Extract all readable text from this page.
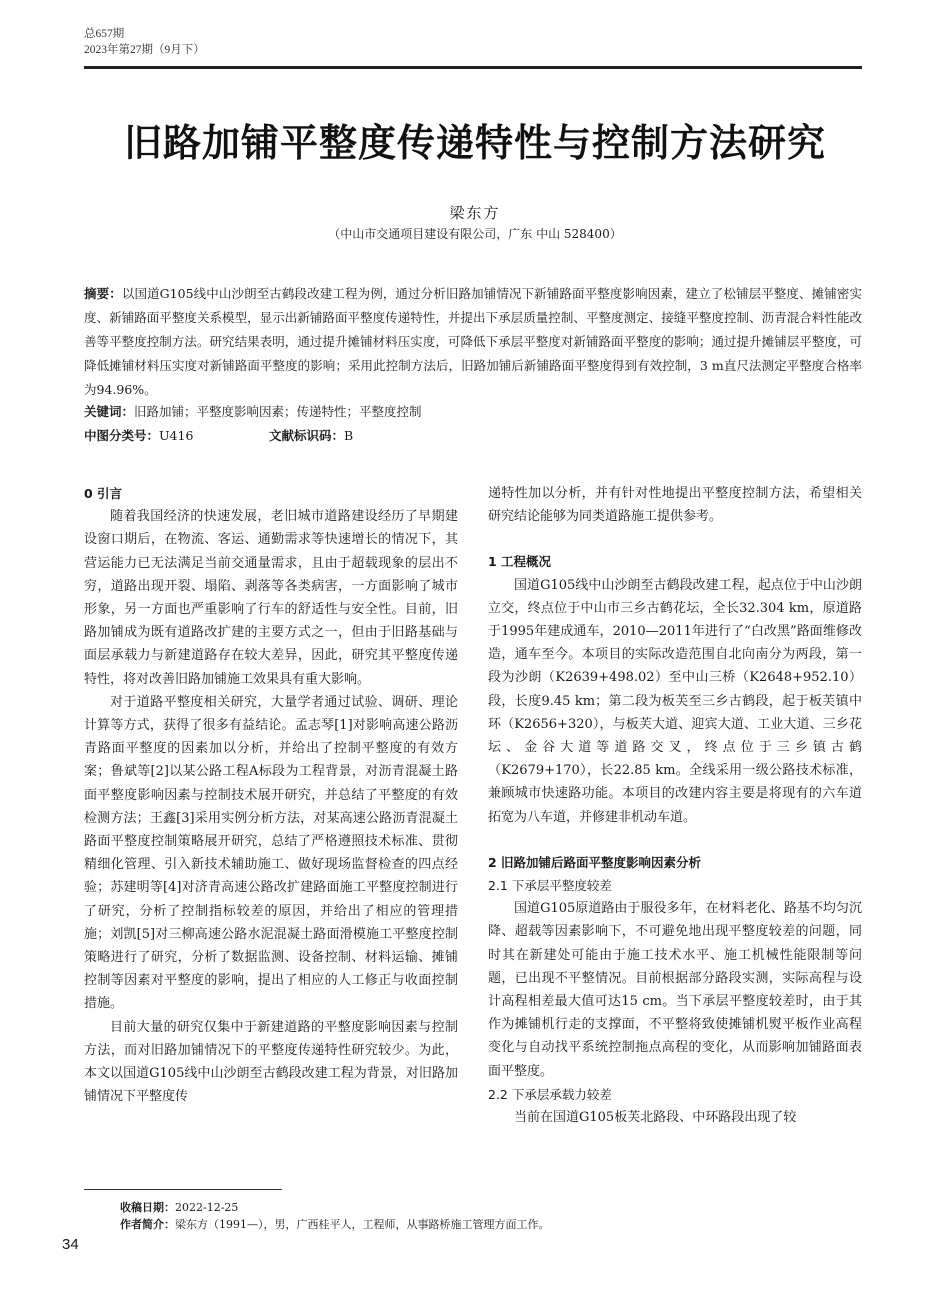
总657期
2023年第27期（9月下）
旧路加铺平整度传递特性与控制方法研究
梁东方
（中山市交通项目建设有限公司，广东 中山 528400）
摘要：以国道G105线中山沙朗至古鹤段改建工程为例，通过分析旧路加铺情况下新铺路面平整度影响因素，建立了松铺层平整度、摊铺密实度、新铺路面平整度关系模型，显示出新铺路面平整度传递特性，并提出下承层质量控制、平整度测定、接缝平整度控制、沥青混合料性能改善等平整度控制方法。研究结果表明，通过提升摊铺材料压实度，可降低下承层平整度对新铺路面平整度的影响；通过提升摊铺层平整度，可降低摊铺材料压实度对新铺路面平整度的影响；采用此控制方法后，旧路加铺后新铺路面平整度得到有效控制，3 m直尺法测定平整度合格率为94.96%。
关键词：旧路加铺；平整度影响因素；传递特性；平整度控制
中图分类号：U416	文献标识码：B
0 引言

随着我国经济的快速发展，老旧城市道路建设经历了早期建设窗口期后，在物流、客运、通勤需求等快速增长的情况下，其营运能力已无法满足当前交通量需求，且由于超载现象的层出不穷，道路出现开裂、塌陷、剥落等各类病害，一方面影响了城市形象，另一方面也严重影响了行车的舒适性与安全性。目前，旧路加铺成为既有道路改扩建的主要方式之一，但由于旧路基础与面层承载力与新建道路存在较大差异，因此，研究其平整度传递特性，将对改善旧路加铺施工效果具有重大影响。

对于道路平整度相关研究，大量学者通过试验、调研、理论计算等方式，获得了很多有益结论。孟志琴[1]对影响高速公路沥青路面平整度的因素加以分析，并给出了控制平整度的有效方案；鲁斌等[2]以某公路工程A标段为工程背景，对沥青混凝土路面平整度影响因素与控制技术展开研究，并总结了平整度的有效检测方法；王鑫[3]采用实例分析方法，对某高速公路沥青混凝土路面平整度控制策略展开研究，总结了严格遵照技术标准、贯彻精细化管理、引入新技术辅助施工、做好现场监督检查的四点经验；苏建明等[4]对济青高速公路改扩建路面施工平整度控制进行了研究，分析了控制指标较差的原因，并给出了相应的管理措施；刘凯[5]对三柳高速公路水泥混凝土路面滑模施工平整度控制策略进行了研究，分析了数据监测、设备控制、材料运输、摊铺控制等因素对平整度的影响，提出了相应的人工修正与收面控制措施。

目前大量的研究仅集中于新建道路的平整度影响因素与控制方法，而对旧路加铺情况下的平整度传递特性研究较少。为此，本文以国道G105线中山沙朗至古鹤段改建工程为背景，对旧路加铺情况下平整度传

递特性加以分析，并有针对性地提出平整度控制方法，希望相关研究结论能够为同类道路施工提供参考。

1 工程概况

国道G105线中山沙朗至古鹤段改建工程，起点位于中山沙朗立交，终点位于中山市三乡古鹤花坛，全长32.304 km，原道路于1995年建成通车，2010—2011年进行了“白改黑”路面维修改造，通车至今。本项目的实际改造范围自北向南分为两段，第一段为沙朗（K2639+498.02）至中山三桥（K2648+952.10）段，长度9.45 km；第二段为板芙至三乡古鹤段，起于板芙镇中环（K2656+320），与板芙大道、迎宾大道、工业大道、三乡花坛、金谷大道等道路交叉，终点位于三乡镇古鹤（K2679+170），长22.85 km。全线采用一级公路技术标准，兼顾城市快速路功能。本项目的改建内容主要是将现有的六车道拓宽为八车道，并修建非机动车道。

2 旧路加铺后路面平整度影响因素分析
2.1 下承层平整度较差

国道G105原道路由于服役多年，在材料老化、路基不均匀沉降、超载等因素影响下，不可避免地出现平整度较差的问题，同时其在新建处可能由于施工技术水平、施工机械性能限制等问题，已出现不平整情况。目前根据部分路段实测，实际高程与设计高程相差最大值可达15 cm。当下承层平整度较差时，由于其作为摊铺机行走的支撑面，不平整将致使摊铺机熨平板作业高程变化与自动找平系统控制拖点高程的变化，从而影响加铺路面表面平整度。

2.2 下承层承载力较差

当前在国道G105板芙北路段、中环路段出现了较

收稿日期：2022-12-25
作者简介：梁东方（1991—），男，广西桂平人，工程师，从事路桥施工管理方面工作。
34
